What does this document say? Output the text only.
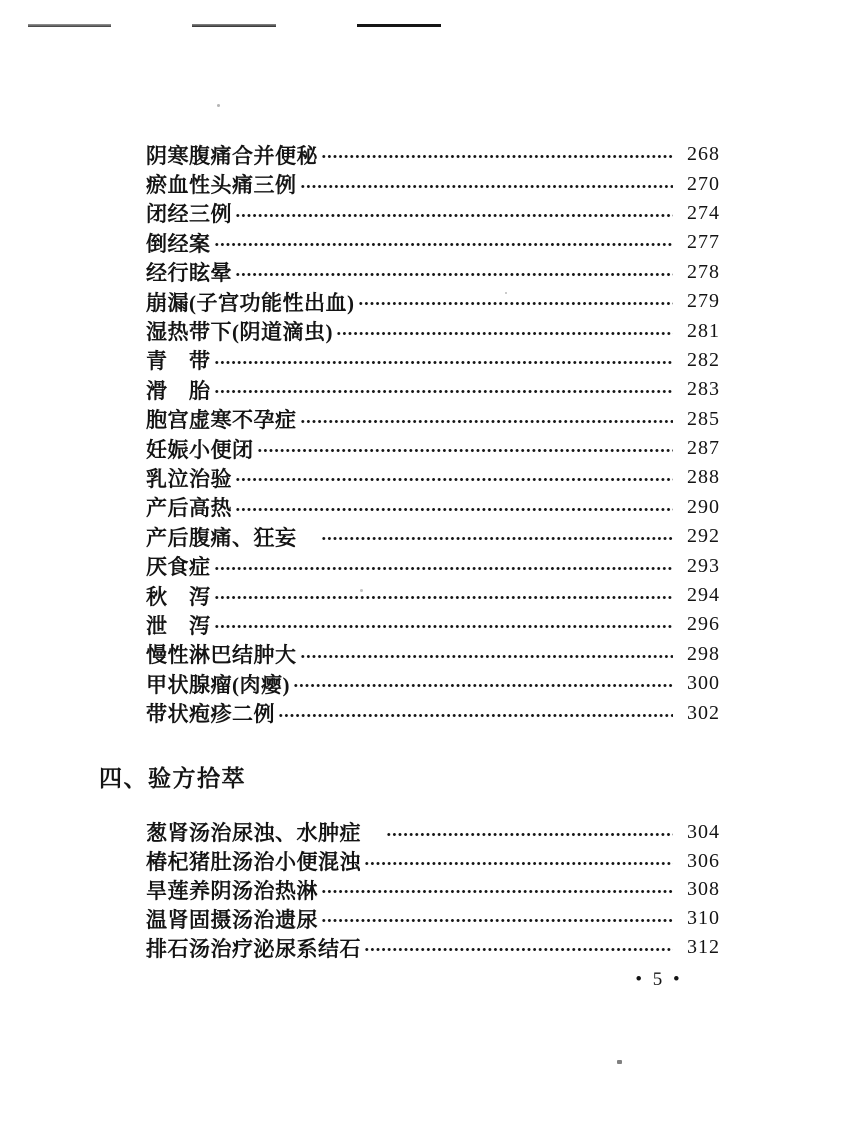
阴寒腹痛合并便秘	268
瘀血性头痛三例	270
闭经三例	274
倒经案	277
经行眩晕	278
崩漏(子宫功能性出血)	279
湿热带下(阴道滴虫)	281
青　带	282
滑　胎	283
胞宫虚寒不孕症	285
妊娠小便闭	287
乳泣治验	288
产后高热	290
产后腹痛、狂妄　	292
厌食症	293
秋　泻	294
泄　泻	296
慢性淋巴结肿大	298
甲状腺瘤(肉瘿)	300
带状疱疹二例	302
四、验方拾萃
葱肾汤治尿浊、水肿症　	304
椿杞猪肚汤治小便混浊	306
旱莲养阴汤治热淋	308
温肾固摄汤治遗尿	310
排石汤治疗泌尿系结石	312
• 5 •
